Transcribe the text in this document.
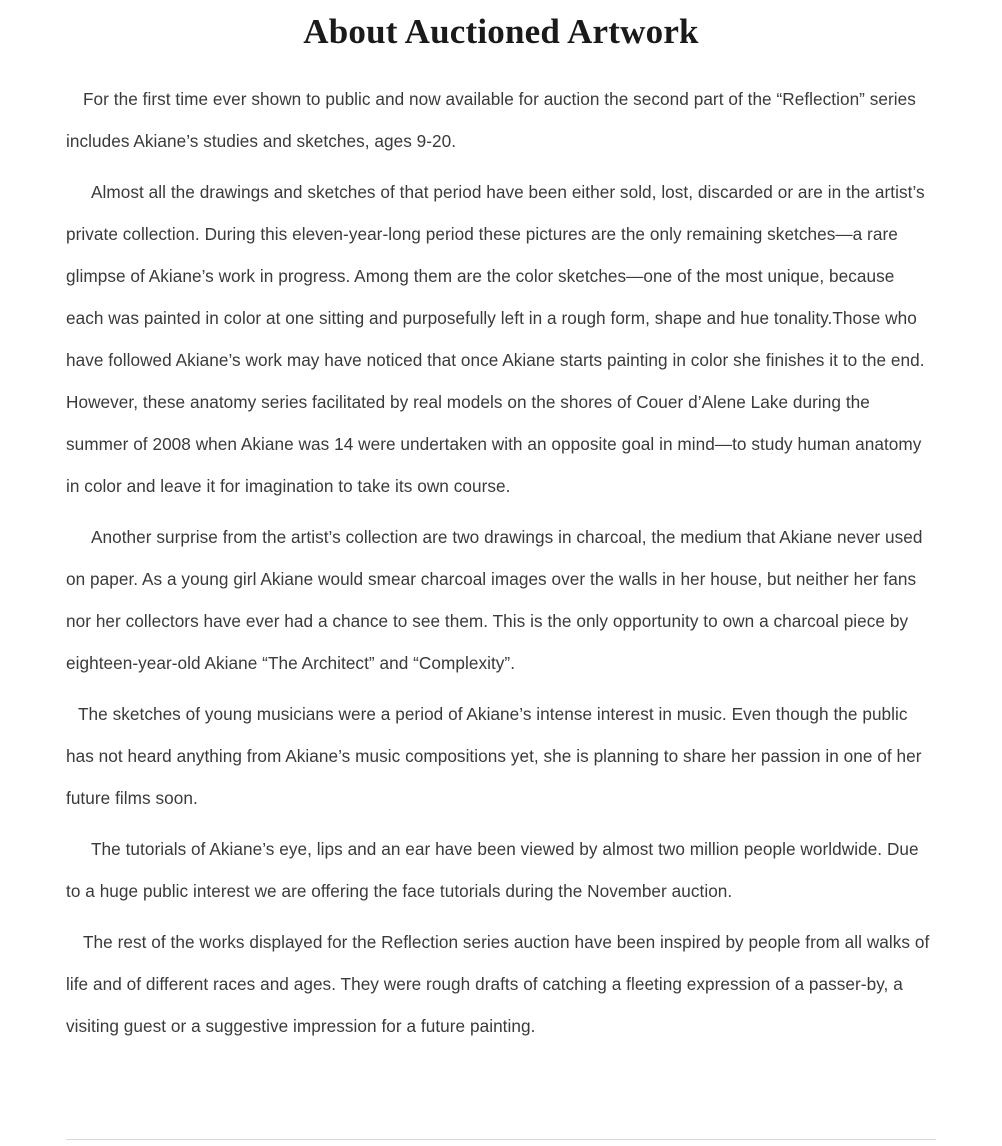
About Auctioned Artwork

For the first time ever shown to public and now available for auction the second part of the “Reflection” series includes Akiane’s studies and sketches, ages 9-20.

Almost all the drawings and sketches of that period have been either sold, lost, discarded or are in the artist’s private collection. During this eleven-year-long period these pictures are the only remaining sketches—a rare glimpse of Akiane’s work in progress. Among them are the color sketches—one of the most unique, because each was painted in color at one sitting and purposefully left in a rough form, shape and hue tonality.Those who have followed Akiane’s work may have noticed that once Akiane starts painting in color she finishes it to the end. However, these anatomy series facilitated by real models on the shores of Couer d’Alene Lake during the summer of 2008 when Akiane was 14 were undertaken with an opposite goal in mind—to study human anatomy in color and leave it for imagination to take its own course.

Another surprise from the artist’s collection are two drawings in charcoal, the medium that Akiane never used on paper. As a young girl Akiane would smear charcoal images over the walls in her house, but neither her fans nor her collectors have ever had a chance to see them. This is the only opportunity to own a charcoal piece by eighteen-year-old Akiane “The Architect” and “Complexity”.

The sketches of young musicians were a period of Akiane’s intense interest in music. Even though the public has not heard anything from Akiane’s music compositions yet, she is planning to share her passion in one of her future films soon.

The tutorials of Akiane’s eye, lips and an ear have been viewed by almost two million people worldwide. Due to a huge public interest we are offering the face tutorials during the November auction.

The rest of the works displayed for the Reflection series auction have been inspired by people from all walks of life and of different races and ages. They were rough drafts of catching a fleeting expression of a passer-by, a visiting guest or a suggestive impression for a future painting.
